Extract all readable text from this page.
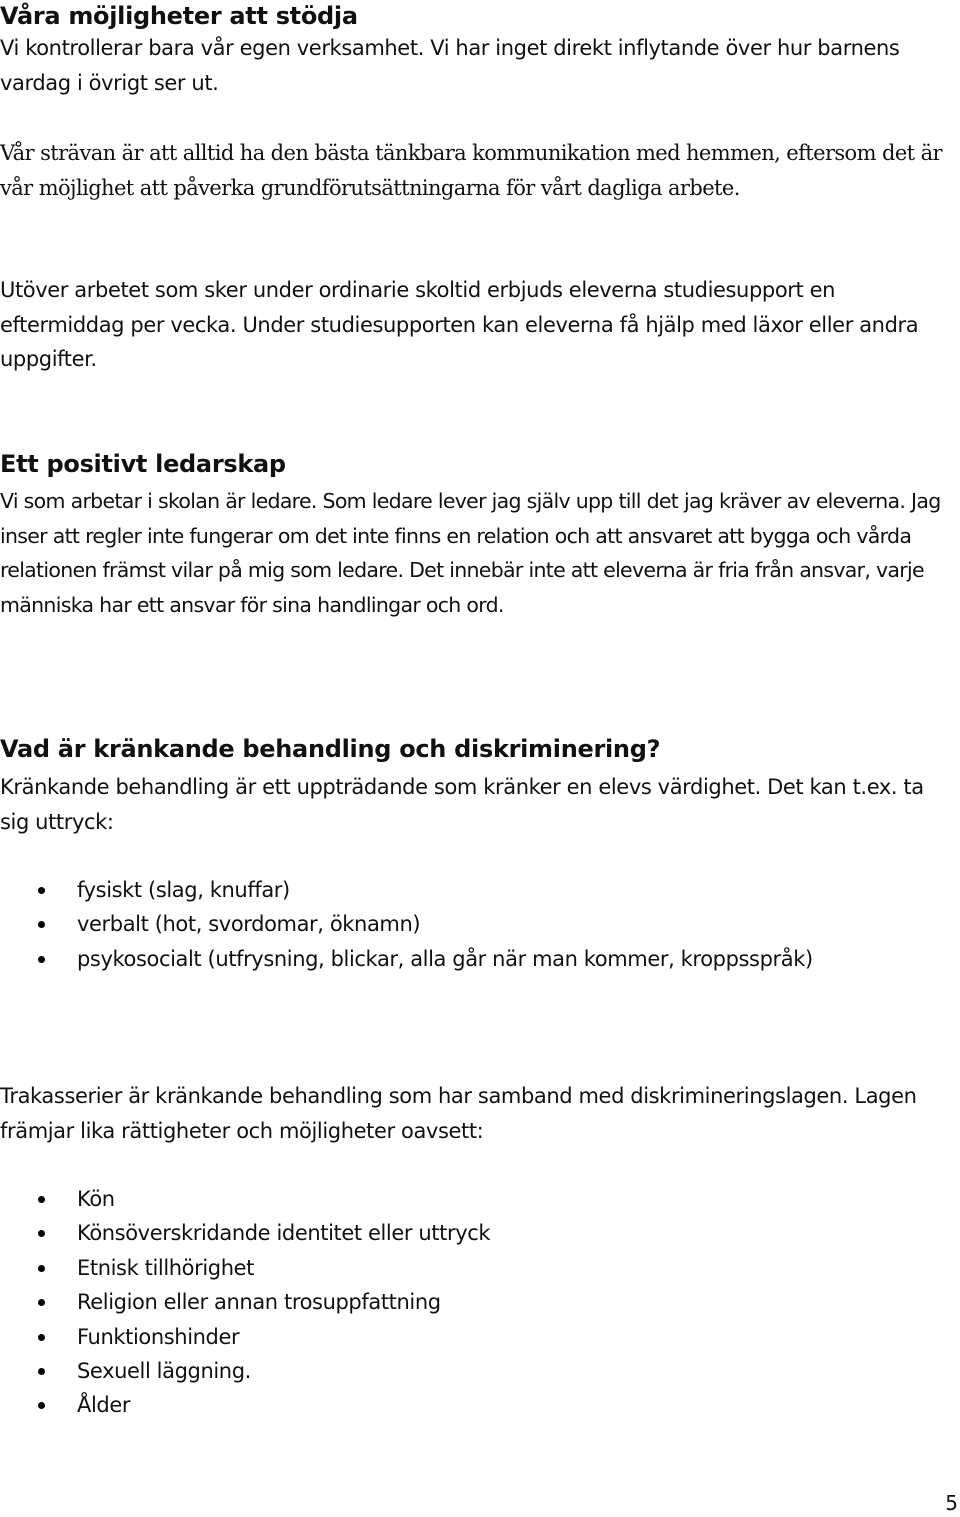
Våra möjligheter att stödja

Vi kontrollerar bara vår egen verksamhet. Vi har inget direkt inflytande över hur barnens vardag i övrigt ser ut.

Vår strävan är att alltid ha den bästa tänkbara kommunikation med hemmen, eftersom det är vår möjlighet att påverka grundförutsättningarna för vårt dagliga arbete.

Utöver arbetet som sker under ordinarie skoltid erbjuds eleverna studiesupport en eftermiddag per vecka. Under studiesupporten kan eleverna få hjälp med läxor eller andra uppgifter.

Ett positivt ledarskap

Vi som arbetar i skolan är ledare. Som ledare lever jag själv upp till det jag kräver av eleverna. Jag inser att regler inte fungerar om det inte finns en relation och att ansvaret att bygga och vårda relationen främst vilar på mig som ledare. Det innebär inte att eleverna är fria från ansvar, varje människa har ett ansvar för sina handlingar och ord.

Vad är kränkande behandling och diskriminering?

Kränkande behandling är ett uppträdande som kränker en elevs värdighet. Det kan t.ex. ta sig uttryck:

fysiskt (slag, knuffar)
verbalt (hot, svordomar, öknamn)
psykosocialt (utfrysning, blickar, alla går när man kommer, kroppsspråk)

Trakasserier är kränkande behandling som har samband med diskrimineringslagen. Lagen främjar lika rättigheter och möjligheter oavsett:

Kön
Könsöverskridande identitet eller uttryck
Etnisk tillhörighet
Religion eller annan trosuppfattning
Funktionshinder
Sexuell läggning.
Ålder
5
